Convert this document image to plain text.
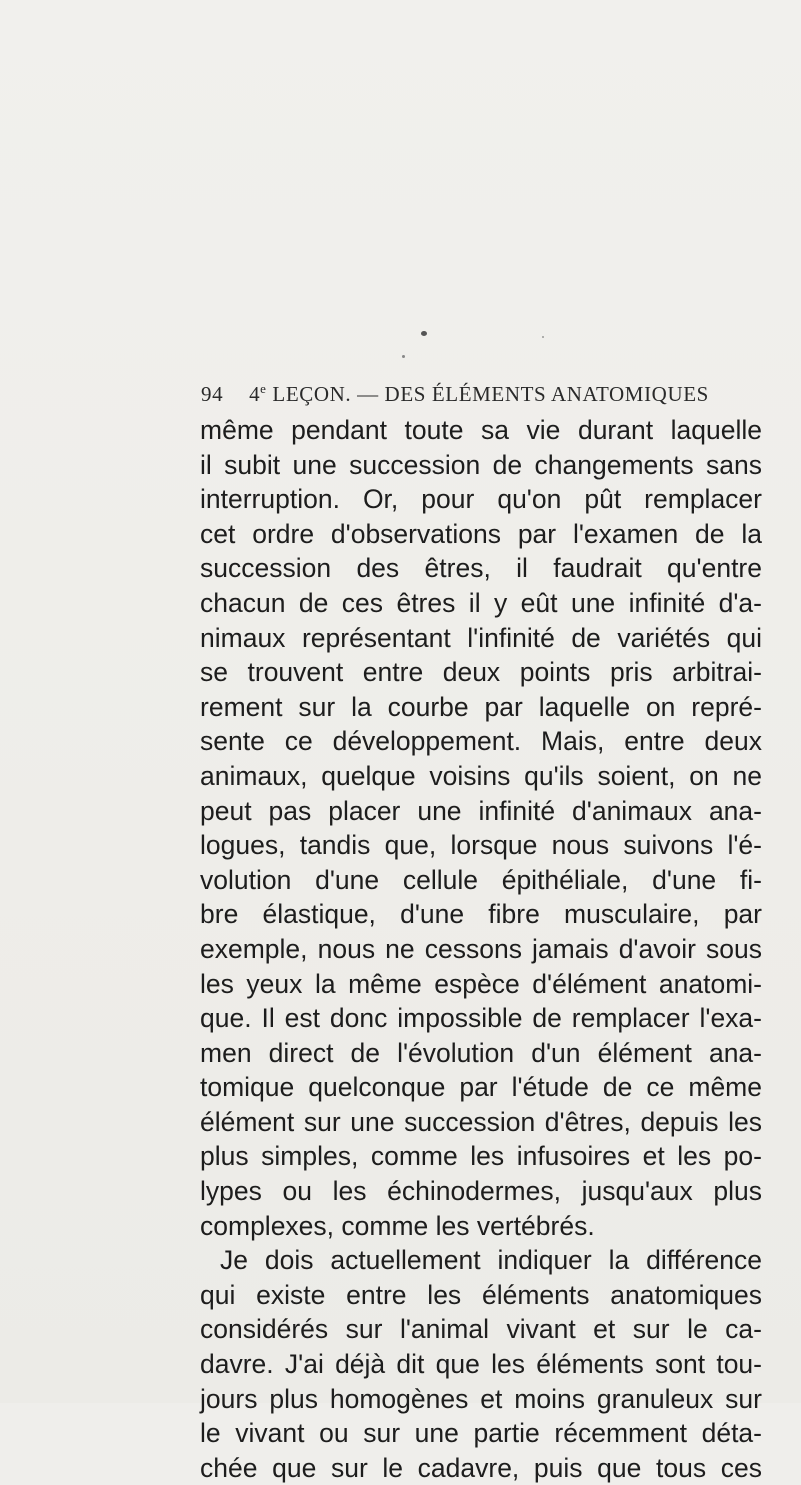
94 4e LEÇON. — DES ÉLÉMENTS ANATOMIQUES
même pendant toute sa vie durant laquelle
il subit une succession de changements sans
interruption. Or, pour qu'on pût remplacer
cet ordre d'observations par l'examen de la
succession des êtres, il faudrait qu'entre
chacun de ces êtres il y eût une infinité d'a-
nimaux représentant l'infinité de variétés qui
se trouvent entre deux points pris arbitrai-
rement sur la courbe par laquelle on repré-
sente ce développement. Mais, entre deux
animaux, quelque voisins qu'ils soient, on ne
peut pas placer une infinité d'animaux ana-
logues, tandis que, lorsque nous suivons l'é-
volution d'une cellule épithéliale, d'une fi-
bre élastique, d'une fibre musculaire, par
exemple, nous ne cessons jamais d'avoir sous
les yeux la même espèce d'élément anatomi-
que. Il est donc impossible de remplacer l'exa-
men direct de l'évolution d'un élément ana-
tomique quelconque par l'étude de ce même
élément sur une succession d'êtres, depuis les
plus simples, comme les infusoires et les po-
lypes ou les échinodermes, jusqu'aux plus
complexes, comme les vertébrés.
Je dois actuellement indiquer la différence
qui existe entre les éléments anatomiques
considérés sur l'animal vivant et sur le ca-
davre. J'ai déjà dit que les éléments sont tou-
jours plus homogènes et moins granuleux sur
le vivant ou sur une partie récemment déta-
chée que sur le cadavre, puis que tous ces
